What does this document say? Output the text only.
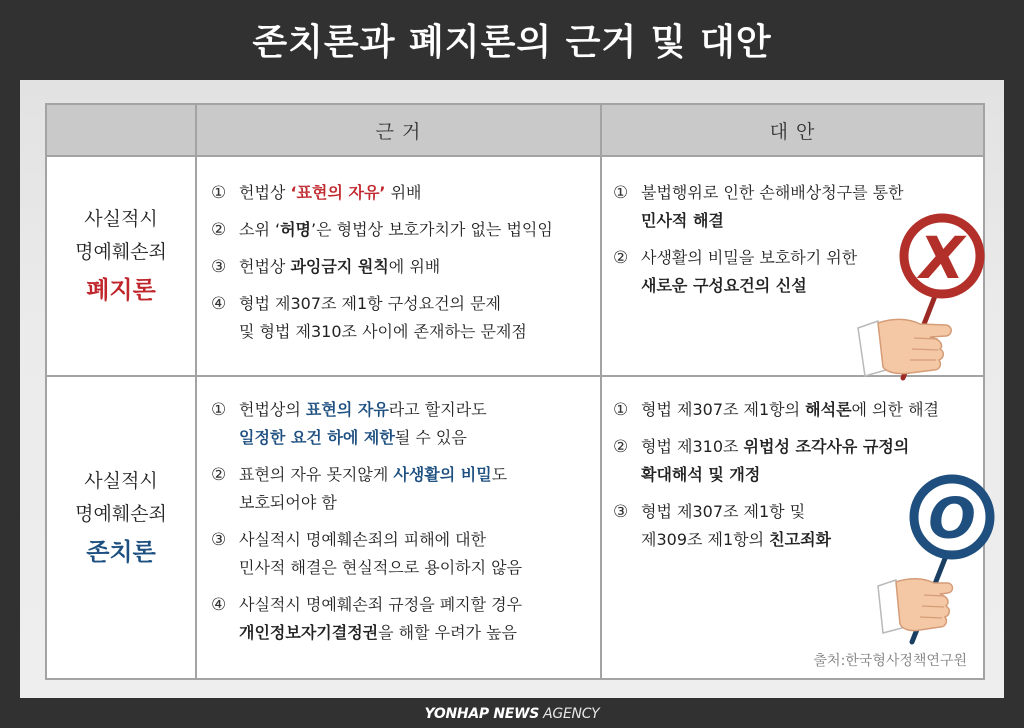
존치론과 폐지론의 근거 및 대안
근 거	대 안
사실적시
명예훼손죄
폐지론
① 헌법상 ‘표현의 자유’ 위배
② 소위 ‘허명’은 형법상 보호가치가 없는 법익임
③ 헌법상 과잉금지 원칙에 위배
④ 형법 제307조 제1항 구성요건의 문제
및 형법 제310조 사이에 존재하는 문제점
① 불법행위로 인한 손해배상청구를 통한
민사적 해결
② 사생활의 비밀을 보호하기 위한
새로운 구성요건의 신설
사실적시
명예훼손죄
존치론
① 헌법상의 표현의 자유라고 할지라도
일정한 요건 하에 제한될 수 있음
② 표현의 자유 못지않게 사생활의 비밀도
보호되어야 함
③ 사실적시 명예훼손죄의 피해에 대한
민사적 해결은 현실적으로 용이하지 않음
④ 사실적시 명예훼손죄 규정을 폐지할 경우
개인정보자기결정권을 해할 우려가 높음
① 형법 제307조 제1항의 해석론에 의한 해결
② 형법 제310조 위법성 조각사유 규정의
확대해석 및 개정
③ 형법 제307조 제1항 및
제309조 제1항의 친고죄화
출처:한국형사정책연구원
X
O
YONHAP NEWS AGENCY
